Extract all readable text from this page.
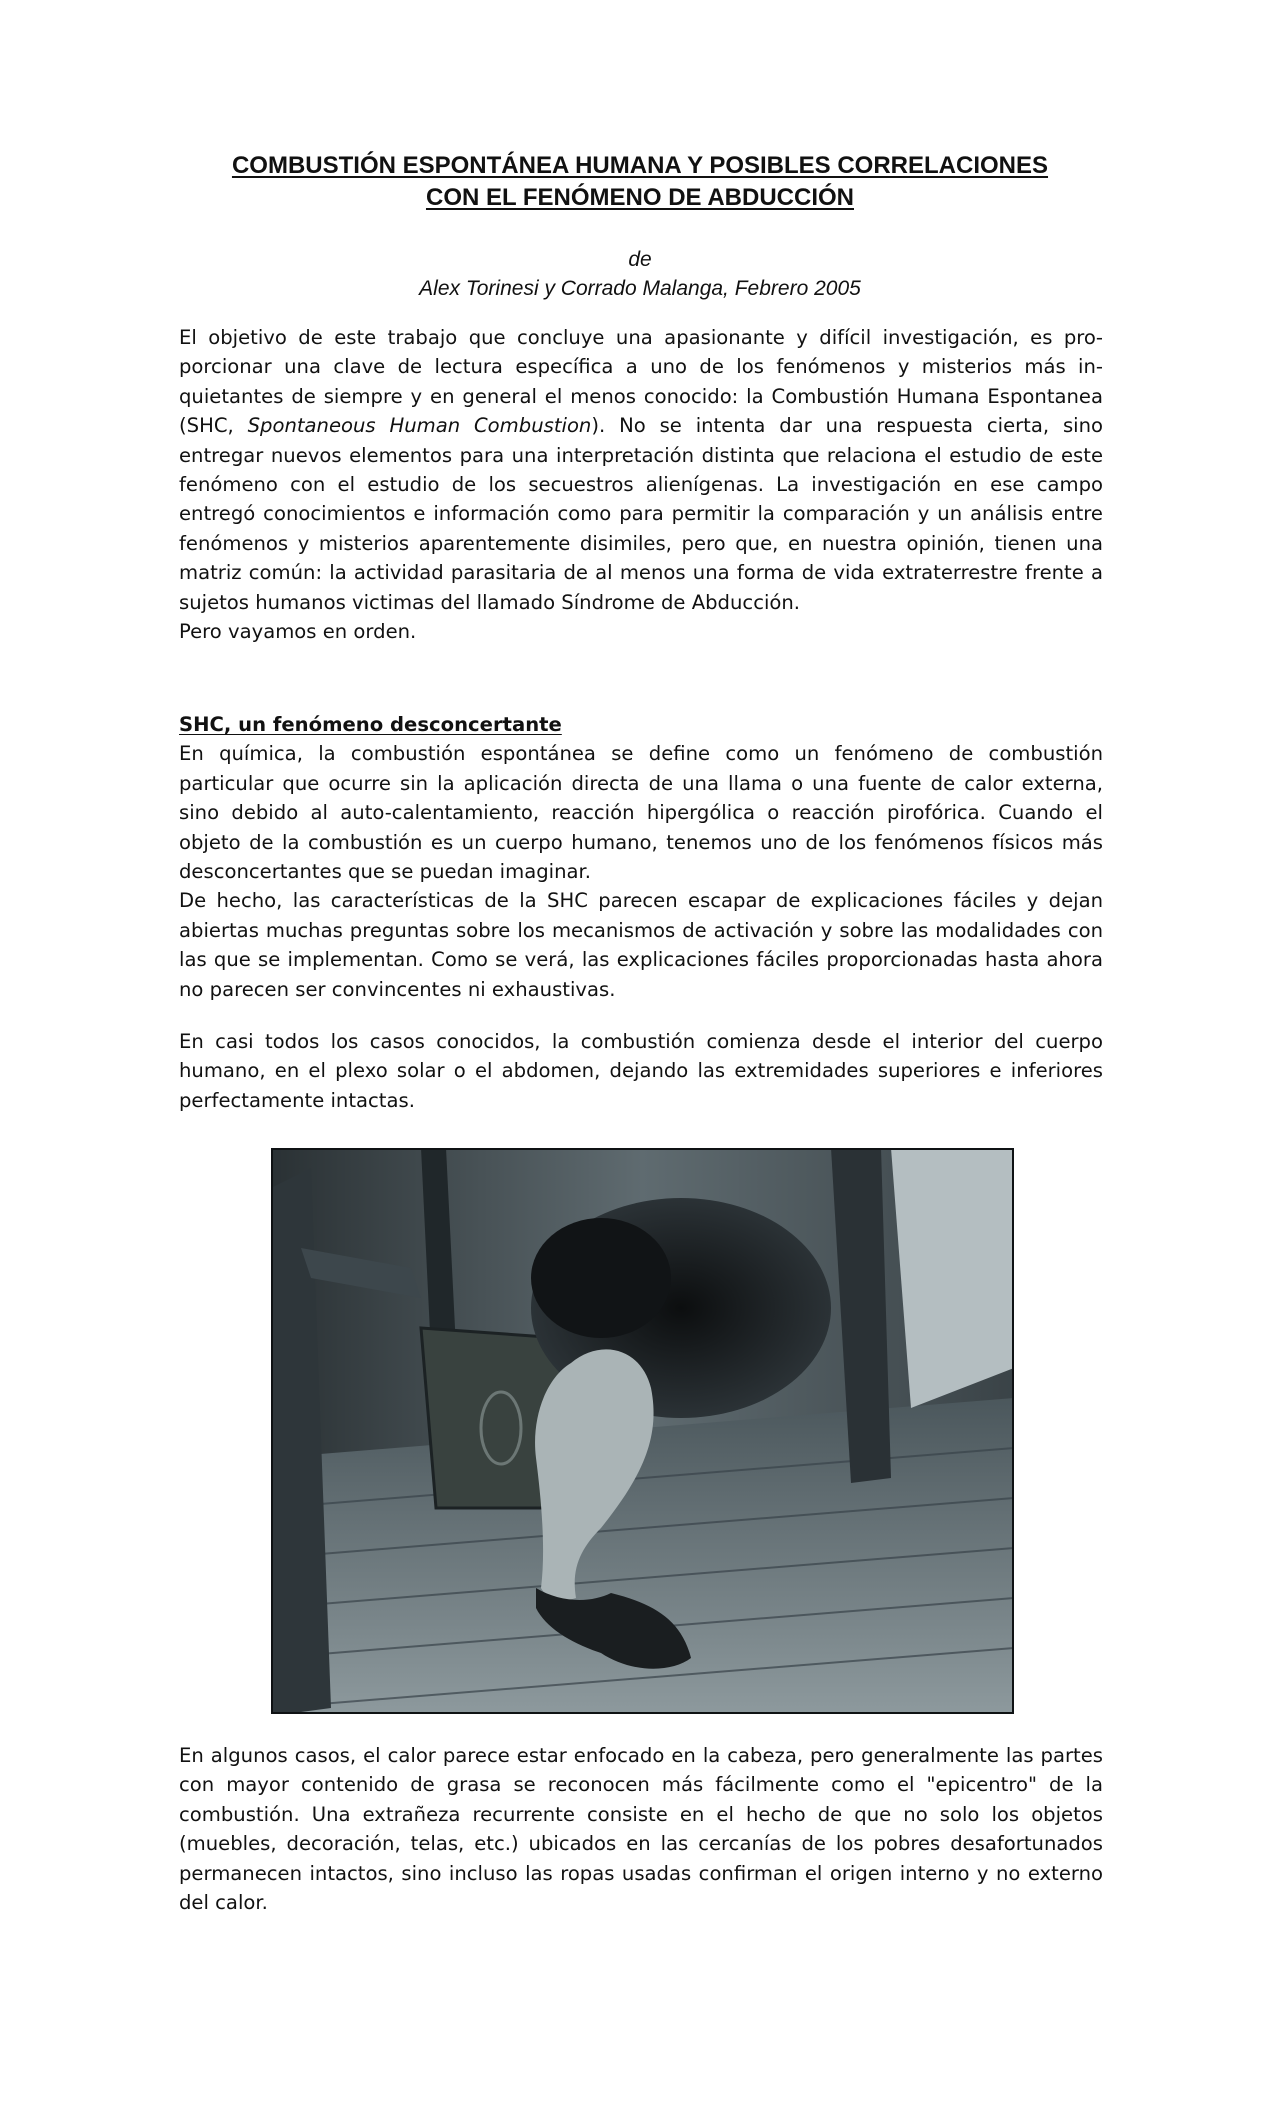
COMBUSTIÓN ESPONTÁNEA HUMANA Y POSIBLES CORRELACIONES
CON EL FENÓMENO DE ABDUCCIÓN
de
Alex Torinesi y Corrado Malanga, Febrero 2005

El objetivo de este trabajo que concluye una apasionante y difícil investigación, es proporcionar una clave de lectura específica a uno de los fenómenos y misterios más inquietantes de siempre y en general el menos conocido: la Combustión Humana Espontanea (SHC, Spontaneous Human Combustion). No se intenta dar una respuesta cierta, sino entregar nuevos elementos para una interpretación distinta que relaciona el estudio de este fenómeno con el estudio de los secuestros alienígenas. La investigación en ese campo entregó conocimientos e información como para permitir la comparación y un análisis entre fenómenos y misterios aparentemente disimiles, pero que, en nuestra opinión, tienen una matriz común: la actividad parasitaria de al menos una forma de vida extraterrestre frente a sujetos humanos victimas del llamado Síndrome de Abducción.

Pero vayamos en orden.

SHC, un fenómeno desconcertante

En química, la combustión espontánea se define como un fenómeno de combustión particular que ocurre sin la aplicación directa de una llama o una fuente de calor externa, sino debido al auto-calentamiento, reacción hipergólica o reacción pirofórica. Cuando el objeto de la combustión es un cuerpo humano, tenemos uno de los fenómenos físicos más desconcertantes que se puedan imaginar.

De hecho, las características de la SHC parecen escapar de explicaciones fáciles y dejan abiertas muchas preguntas sobre los mecanismos de activación y sobre las modalidades con las que se implementan. Como se verá, las explicaciones fáciles proporcionadas hasta ahora no parecen ser convincentes ni exhaustivas.

En casi todos los casos conocidos, la combustión comienza desde el interior del cuerpo humano, en el plexo solar o el abdomen, dejando las extremidades superiores e inferiores perfectamente intactas.

En algunos casos, el calor parece estar enfocado en la cabeza, pero generalmente las partes con mayor contenido de grasa se reconocen más fácilmente como el "epicentro" de la combustión. Una extrañeza recurrente consiste en el hecho de que no solo los objetos (muebles, decoración, telas, etc.) ubicados en las cercanías de los pobres desafortunados permanecen intactos, sino incluso las ropas usadas confirman el origen interno y no externo del calor.
